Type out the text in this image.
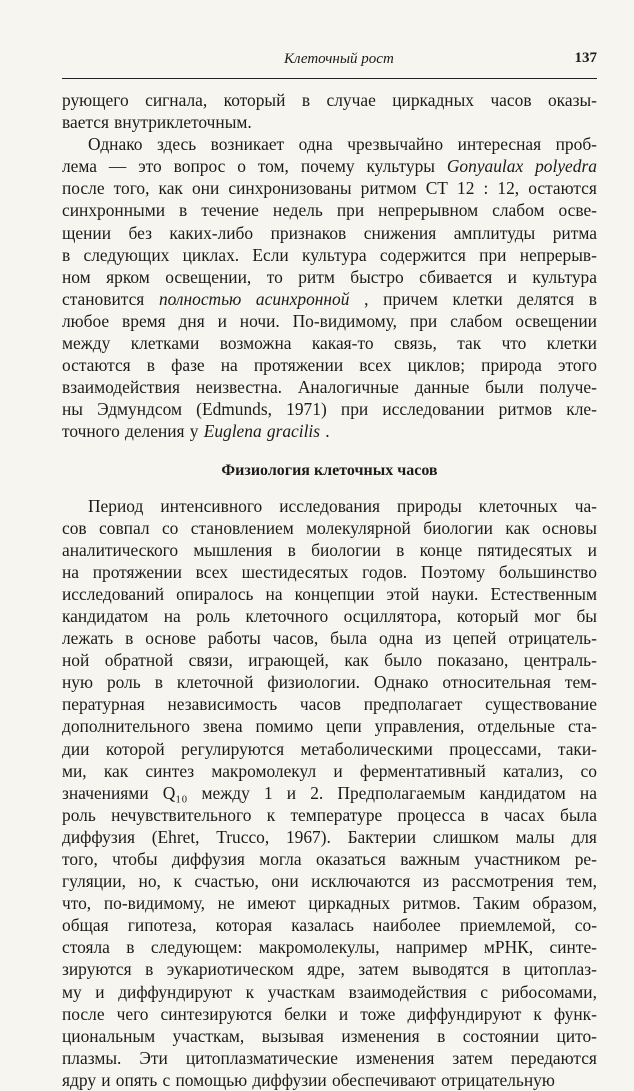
Клеточный рост	137
рующего сигнала, который в случае циркадных часов оказы-
вается внутриклеточным.
Однако здесь возникает одна чрезвычайно интересная проб-
лема — это вопрос о том, почему культуры Gonyaulax polyedra
после того, как они синхронизованы ритмом СТ 12 : 12, остаются
синхронными в течение недель при непрерывном слабом осве-
щении без каких-либо признаков снижения амплитуды ритма
в следующих циклах. Если культура содержится при непрерыв-
ном ярком освещении, то ритм быстро сбивается и культура
становится полностью асинхронной , причем клетки делятся в
любое время дня и ночи. По-видимому, при слабом освещении
между клетками возможна какая-то связь, так что клетки
остаются в фазе на протяжении всех циклов; природа этого
взаимодействия неизвестна. Аналогичные данные были получе-
ны Эдмундсом (Edmunds, 1971) при исследовании ритмов кле-
точного деления у Euglena gracilis .
Физиология клеточных часов
Период интенсивного исследования природы клеточных ча-
сов совпал со становлением молекулярной биологии как основы
аналитического мышления в биологии в конце пятидесятых и
на протяжении всех шестидесятых годов. Поэтому большинство
исследований опиралось на концепции этой науки. Естественным
кандидатом на роль клеточного осциллятора, который мог бы
лежать в основе работы часов, была одна из цепей отрицатель-
ной обратной связи, играющей, как было показано, централь-
ную роль в клеточной физиологии. Однако относительная тем-
пературная независимость часов предполагает существование
дополнительного звена помимо цепи управления, отдельные ста-
дии которой регулируются метаболическими процессами, таки-
ми, как синтез макромолекул и ферментативный катализ, со
значениями Q₁₀ между 1 и 2. Предполагаемым кандидатом на
роль нечувствительного к температуре процесса в часах была
диффузия (Ehret, Trucco, 1967). Бактерии слишком малы для
того, чтобы диффузия могла оказаться важным участником ре-
гуляции, но, к счастью, они исключаются из рассмотрения тем,
что, по-видимому, не имеют циркадных ритмов. Таким образом,
общая гипотеза, которая казалась наиболее приемлемой, со-
стояла в следующем: макромолекулы, например мРНК, синте-
зируются в эукариотическом ядре, затем выводятся в цитоплаз-
му и диффундируют к участкам взаимодействия с рибосомами,
после чего синтезируются белки и тоже диффундируют к функ-
циональным участкам, вызывая изменения в состоянии цито-
плазмы. Эти цитоплазматические изменения затем передаются
ядру и опять с помощью диффузии обеспечивают отрицательную
